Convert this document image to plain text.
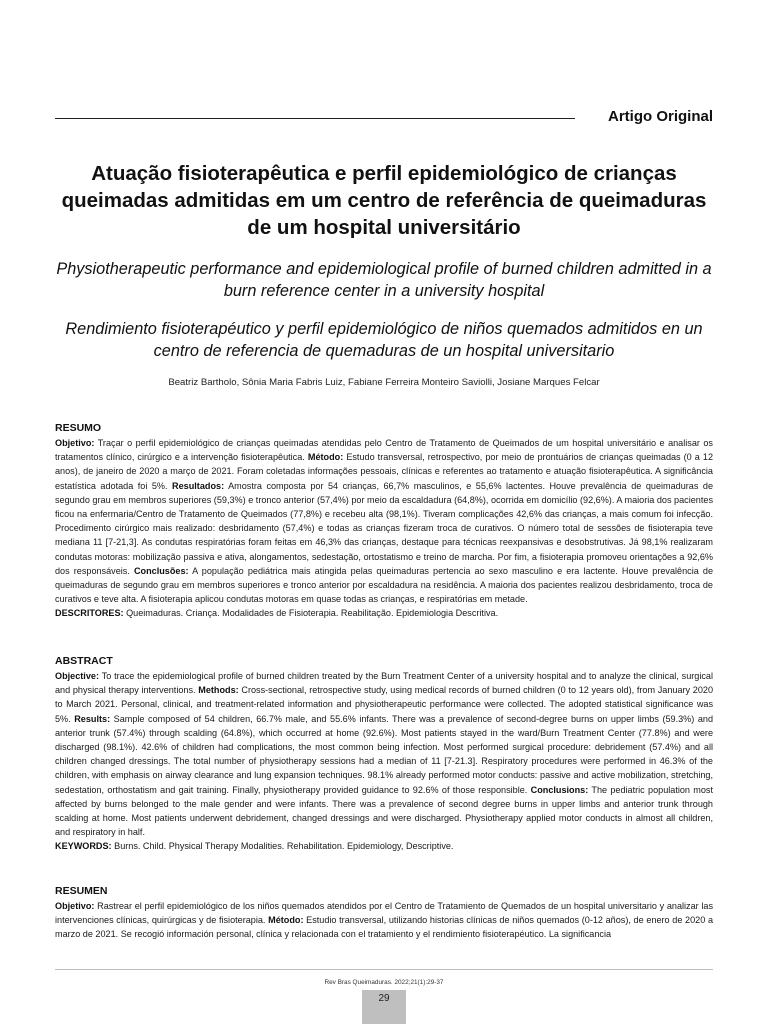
Artigo Original
Atuação fisioterapêutica e perfil epidemiológico de crianças queimadas admitidas em um centro de referência de queimaduras de um hospital universitário
Physiotherapeutic performance and epidemiological profile of burned children admitted in a burn reference center in a university hospital
Rendimiento fisioterapéutico y perfil epidemiológico de niños quemados admitidos en un centro de referencia de quemaduras de un hospital universitario
Beatriz Bartholo, Sônia Maria Fabris Luiz, Fabiane Ferreira Monteiro Saviolli, Josiane Marques Felcar
RESUMO

Objetivo: Traçar o perfil epidemiológico de crianças queimadas atendidas pelo Centro de Tratamento de Queimados de um hospital universitário e analisar os tratamentos clínico, cirúrgico e a intervenção fisioterapêutica. Método: Estudo transversal, retrospectivo, por meio de prontuários de crianças queimadas (0 a 12 anos), de janeiro de 2020 a março de 2021. Foram coletadas informações pessoais, clínicas e referentes ao tratamento e atuação fisioterapêutica. A significância estatística adotada foi 5%. Resultados: Amostra composta por 54 crianças, 66,7% masculinos, e 55,6% lactentes. Houve prevalência de queimaduras de segundo grau em membros superiores (59,3%) e tronco anterior (57,4%) por meio da escaldadura (64,8%), ocorrida em domicílio (92,6%). A maioria dos pacientes ficou na enfermaria/Centro de Tratamento de Queimados (77,8%) e recebeu alta (98,1%). Tiveram complicações 42,6% das crianças, a mais comum foi infecção. Procedimento cirúrgico mais realizado: desbridamento (57,4%) e todas as crianças fizeram troca de curativos. O número total de sessões de fisioterapia teve mediana 11 [7-21,3]. As condutas respiratórias foram feitas em 46,3% das crianças, destaque para técnicas reexpansivas e desobstrutivas. Já 98,1% realizaram condutas motoras: mobilização passiva e ativa, alongamentos, sedestação, ortostatismo e treino de marcha. Por fim, a fisioterapia promoveu orientações a 92,6% dos responsáveis. Conclusões: A população pediátrica mais atingida pelas queimaduras pertencia ao sexo masculino e era lactente. Houve prevalência de queimaduras de segundo grau em membros superiores e tronco anterior por escaldadura na residência. A maioria dos pacientes realizou desbridamento, troca de curativos e teve alta. A fisioterapia aplicou condutas motoras em quase todas as crianças, e respiratórias em metade.

DESCRITORES: Queimaduras. Criança. Modalidades de Fisioterapia. Reabilitação. Epidemiologia Descritiva.

ABSTRACT

Objective: To trace the epidemiological profile of burned children treated by the Burn Treatment Center of a university hospital and to analyze the clinical, surgical and physical therapy interventions. Methods: Cross-sectional, retrospective study, using medical records of burned children (0 to 12 years old), from January 2020 to March 2021. Personal, clinical, and treatment-related information and physiotherapeutic performance were collected. The adopted statistical significance was 5%. Results: Sample composed of 54 children, 66.7% male, and 55.6% infants. There was a prevalence of second-degree burns on upper limbs (59.3%) and anterior trunk (57.4%) through scalding (64.8%), which occurred at home (92.6%). Most patients stayed in the ward/Burn Treatment Center (77.8%) and were discharged (98.1%). 42.6% of children had complications, the most common being infection. Most performed surgical procedure: debridement (57.4%) and all children changed dressings. The total number of physiotherapy sessions had a median of 11 [7-21.3]. Respiratory procedures were performed in 46.3% of the children, with emphasis on airway clearance and lung expansion techniques. 98.1% already performed motor conducts: passive and active mobilization, stretching, sedestation, orthostatism and gait training. Finally, physiotherapy provided guidance to 92.6% of those responsible. Conclusions: The pediatric population most affected by burns belonged to the male gender and were infants. There was a prevalence of second degree burns in upper limbs and anterior trunk through scalding at home. Most patients underwent debridement, changed dressings and were discharged. Physiotherapy applied motor conducts in almost all children, and respiratory in half.

KEYWORDS: Burns. Child. Physical Therapy Modalities. Rehabilitation. Epidemiology, Descriptive.

RESUMEN

Objetivo: Rastrear el perfil epidemiológico de los niños quemados atendidos por el Centro de Tratamiento de Quemados de un hospital universitario y analizar las intervenciones clínicas, quirúrgicas y de fisioterapia. Método: Estudio transversal, utilizando historias clínicas de niños quemados (0-12 años), de enero de 2020 a marzo de 2021. Se recogió información personal, clínica y relacionada con el tratamiento y el rendimiento fisioterapéutico. La significancia

Rev Bras Queimaduras. 2022;21(1):29-37
29
